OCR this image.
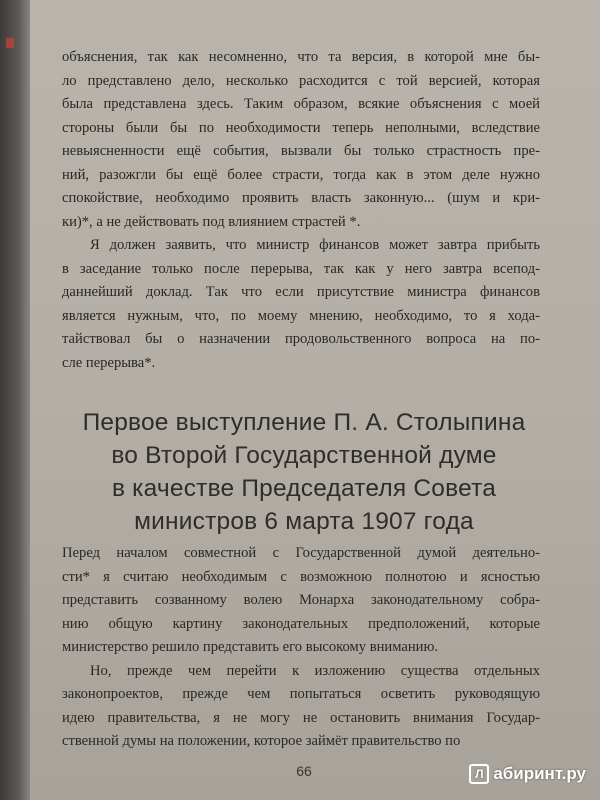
объяснения, так как несомненно, что та версия, в которой мне бы-
ло представлено дело, несколько расходится с той версией, которая
была представлена здесь. Таким образом, всякие объяснения с моей
стороны были бы по необходимости теперь неполными, вследствие
невыясненности ещё события, вызвали бы только страстность пре-
ний, разожгли бы ещё более страсти, тогда как в этом деле нужно
спокойствие, необходимо проявить власть законную... (шум и кри-
ки)*, а не действовать под влиянием страстей *.
Я должен заявить, что министр финансов может завтра прибыть
в заседание только после перерыва, так как у него завтра всепод-
даннейший доклад. Так что если присутствие министра финансов
является нужным, что, по моему мнению, необходимо, то я хода-
тайствовал бы о назначении продовольственного вопроса на по-
сле перерыва*.
Первое выступление П. А. Столыпина
во Второй Государственной думе
в качестве Председателя Совета
министров 6 марта 1907 года
Перед началом совместной с Государственной думой деятельно-
сти* я считаю необходимым с возможною полнотою и ясностью
представить созванному волею Монарха законодательному собра-
нию общую картину законодательных предположений, которые
министерство решило представить его высокому вниманию.
Но, прежде чем перейти к изложению существа отдельных
законопроектов, прежде чем попытаться осветить руководящую
идею правительства, я не могу не остановить внимания Государ-
ственной думы на положении, которое займёт правительство по
66	Л абиринт.ру
